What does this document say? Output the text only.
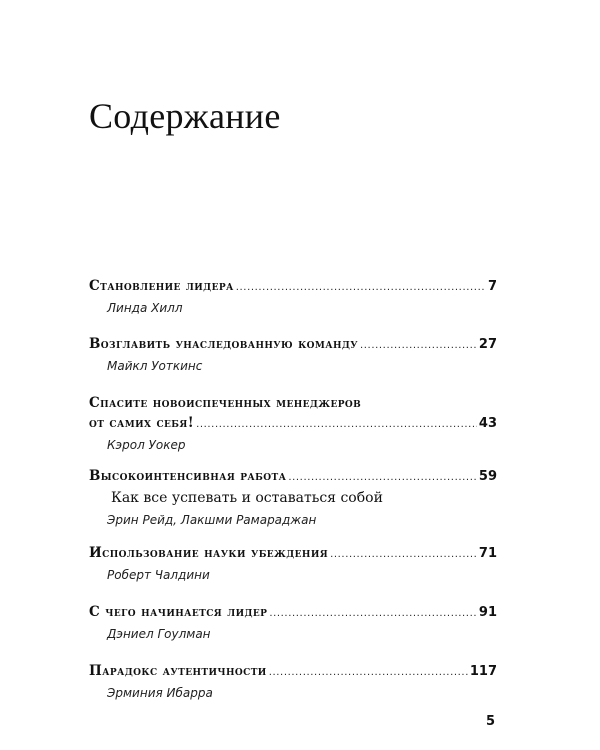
Содержание
Становление лидера .....	7
Линда Хилл
Возглавить унаследованную команду .....	27
Майкл Уоткинс
Спасите новоиспеченных менеджеров
от самих себя! .....	43
Кэрол Уокер
Высокоинтенсивная работа .....	59
Как все успевать и оставаться собой
Эрин Рейд, Лакшми Рамараджан
Использование науки убеждения .....	71
Роберт Чалдини
С чего начинается лидер .....	91
Дэниел Гоулман
Парадокс аутентичности .....	117
Эрминия Ибарра
5
